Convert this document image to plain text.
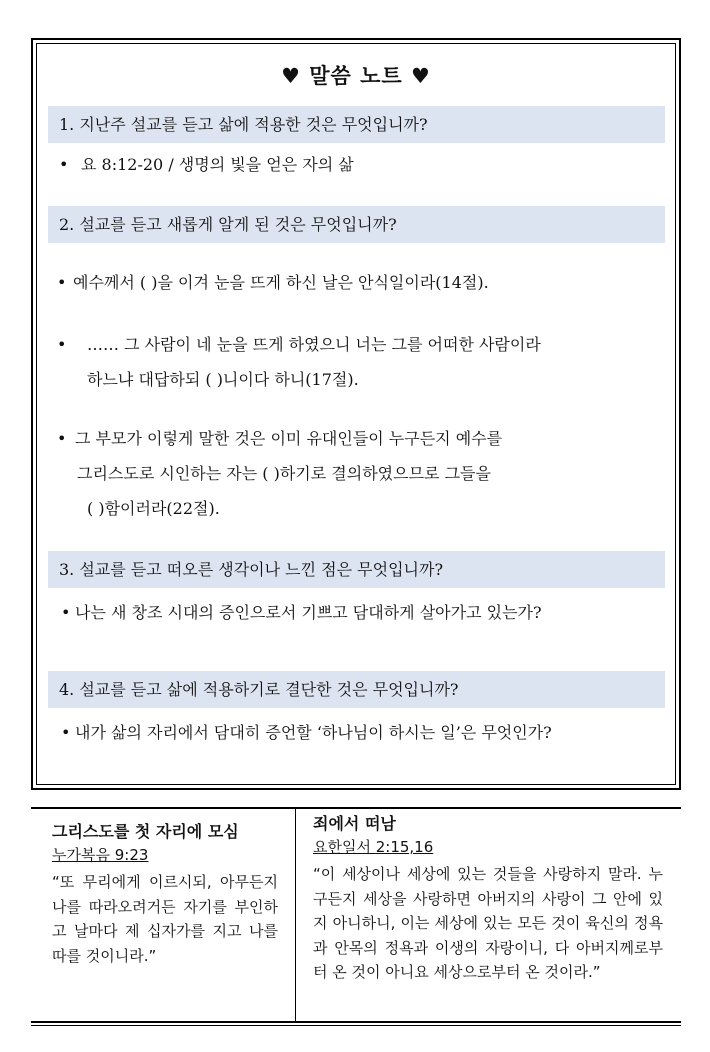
♥ 말씀 노트 ♥
1. 지난주 설교를 듣고 삶에 적용한 것은 무엇입니까?
• 요 8:12-20 / 생명의 빛을 얻은 자의 삶
2. 설교를 듣고 새롭게 알게 된 것은 무엇입니까?
• 예수께서 ( )을 이겨 눈을 뜨게 하신 날은 안식일이라(14절).
• …… 그 사람이 네 눈을 뜨게 하였으니 너는 그를 어떠한 사람이라
하느냐 대답하되 ( )니이다 하니(17절).
• 그 부모가 이렇게 말한 것은 이미 유대인들이 누구든지 예수를
그리스도로 시인하는 자는 ( )하기로 결의하였으므로 그들을
( )함이러라(22절).
3. 설교를 듣고 떠오른 생각이나 느낀 점은 무엇입니까?
• 나는 새 창조 시대의 증인으로서 기쁘고 담대하게 살아가고 있는가?
4. 설교를 듣고 삶에 적용하기로 결단한 것은 무엇입니까?
• 내가 삶의 자리에서 담대히 증언할 ‘하나님이 하시는 일’은 무엇인가?
그리스도를 첫 자리에 모심
누가복음 9:23
“또 무리에게 이르시되, 아무든지 나를 따라오려거든 자기를 부인하고 날마다 제 십자가를 지고 나를 따를 것이니라.”
죄에서 떠남
요한일서 2:15,16
“이 세상이나 세상에 있는 것들을 사랑하지 말라. 누구든지 세상을 사랑하면 아버지의 사랑이 그 안에 있지 아니하니, 이는 세상에 있는 모든 것이 육신의 정욕과 안목의 정욕과 이생의 자랑이니, 다 아버지께로부터 온 것이 아니요 세상으로부터 온 것이라.”
